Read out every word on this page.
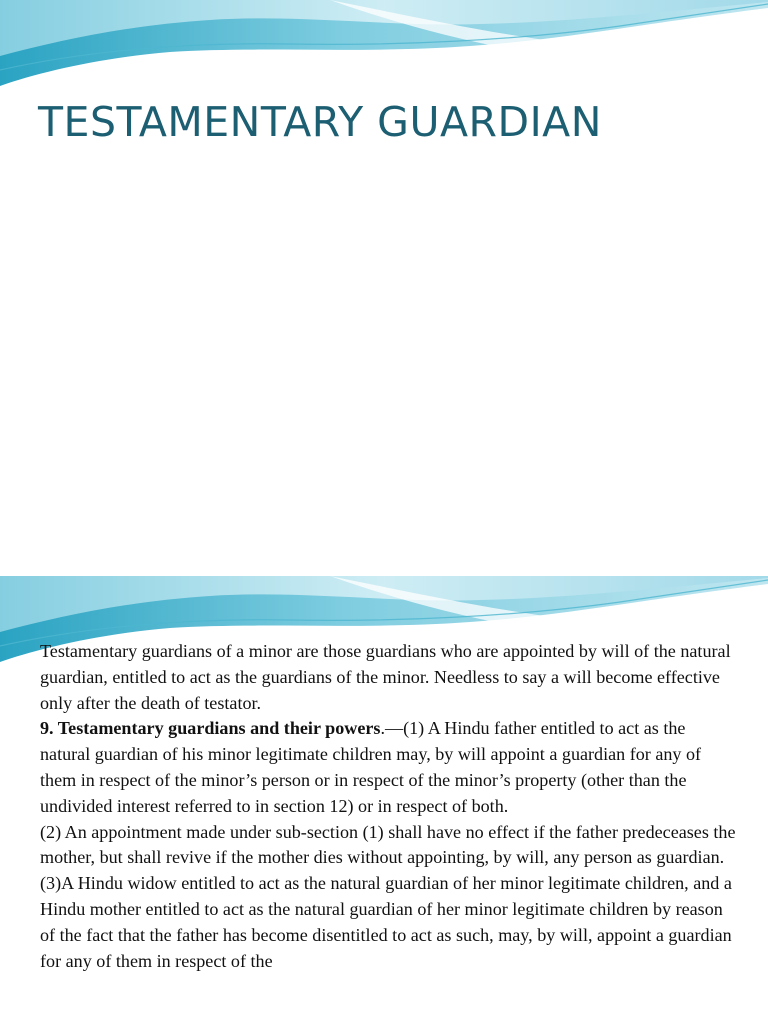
TESTAMENTARY GUARDIAN

Testamentary guardians of a minor are those guardians who are appointed by will of the natural guardian, entitled to act as the guardians of the minor. Needless to say a will become effective only after the death of testator.

9. Testamentary guardians and their powers.—(1) A Hindu father entitled to act as the natural guardian of his minor legitimate children may, by will appoint a guardian for any of them in respect of the minor’s person or in respect of the minor’s property (other than the undivided interest referred to in section 12) or in respect of both.

(2) An appointment made under sub-section (1) shall have no effect if the father predeceases the mother, but shall revive if the mother dies without appointing, by will, any person as guardian.

(3)A Hindu widow entitled to act as the natural guardian of her minor legitimate children, and a Hindu mother entitled to act as the natural guardian of her minor legitimate children by reason of the fact that the father has become disentitled to act as such, may, by will, appoint a guardian for any of them in respect of the
